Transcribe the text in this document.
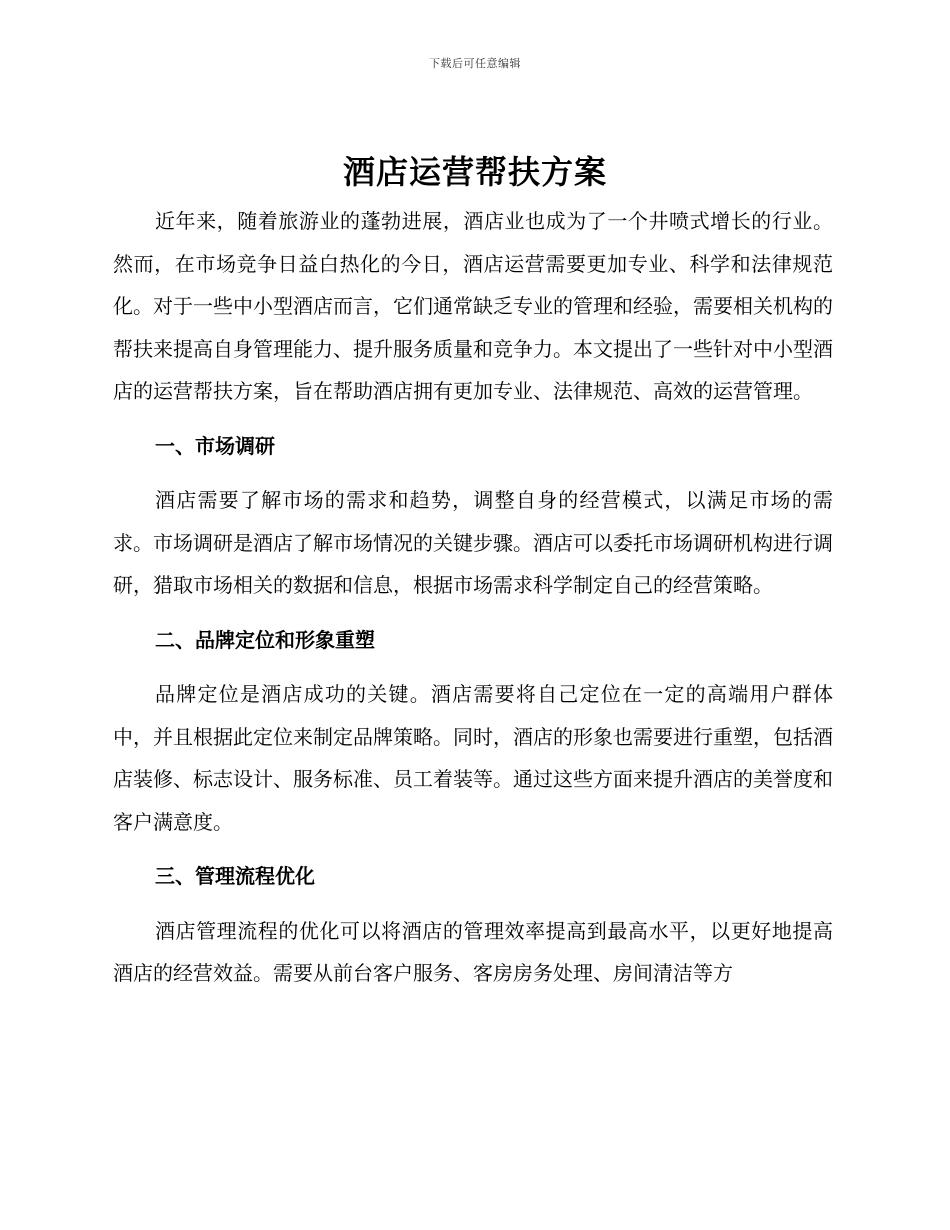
下载后可任意编辑
酒店运营帮扶方案

近年来，随着旅游业的蓬勃进展，酒店业也成为了一个井喷式增长的行业。然而，在市场竞争日益白热化的今日，酒店运营需要更加专业、科学和法律规范化。对于一些中小型酒店而言，它们通常缺乏专业的管理和经验，需要相关机构的帮扶来提高自身管理能力、提升服务质量和竞争力。本文提出了一些针对中小型酒店的运营帮扶方案，旨在帮助酒店拥有更加专业、法律规范、高效的运营管理。

一、市场调研

酒店需要了解市场的需求和趋势，调整自身的经营模式，以满足市场的需求。市场调研是酒店了解市场情况的关键步骤。酒店可以委托市场调研机构进行调研，猎取市场相关的数据和信息，根据市场需求科学制定自己的经营策略。

二、品牌定位和形象重塑

品牌定位是酒店成功的关键。酒店需要将自己定位在一定的高端用户群体中，并且根据此定位来制定品牌策略。同时，酒店的形象也需要进行重塑，包括酒店装修、标志设计、服务标准、员工着装等。通过这些方面来提升酒店的美誉度和客户满意度。

三、管理流程优化

酒店管理流程的优化可以将酒店的管理效率提高到最高水平，以更好地提高酒店的经营效益。需要从前台客户服务、客房房务处理、房间清洁等方
